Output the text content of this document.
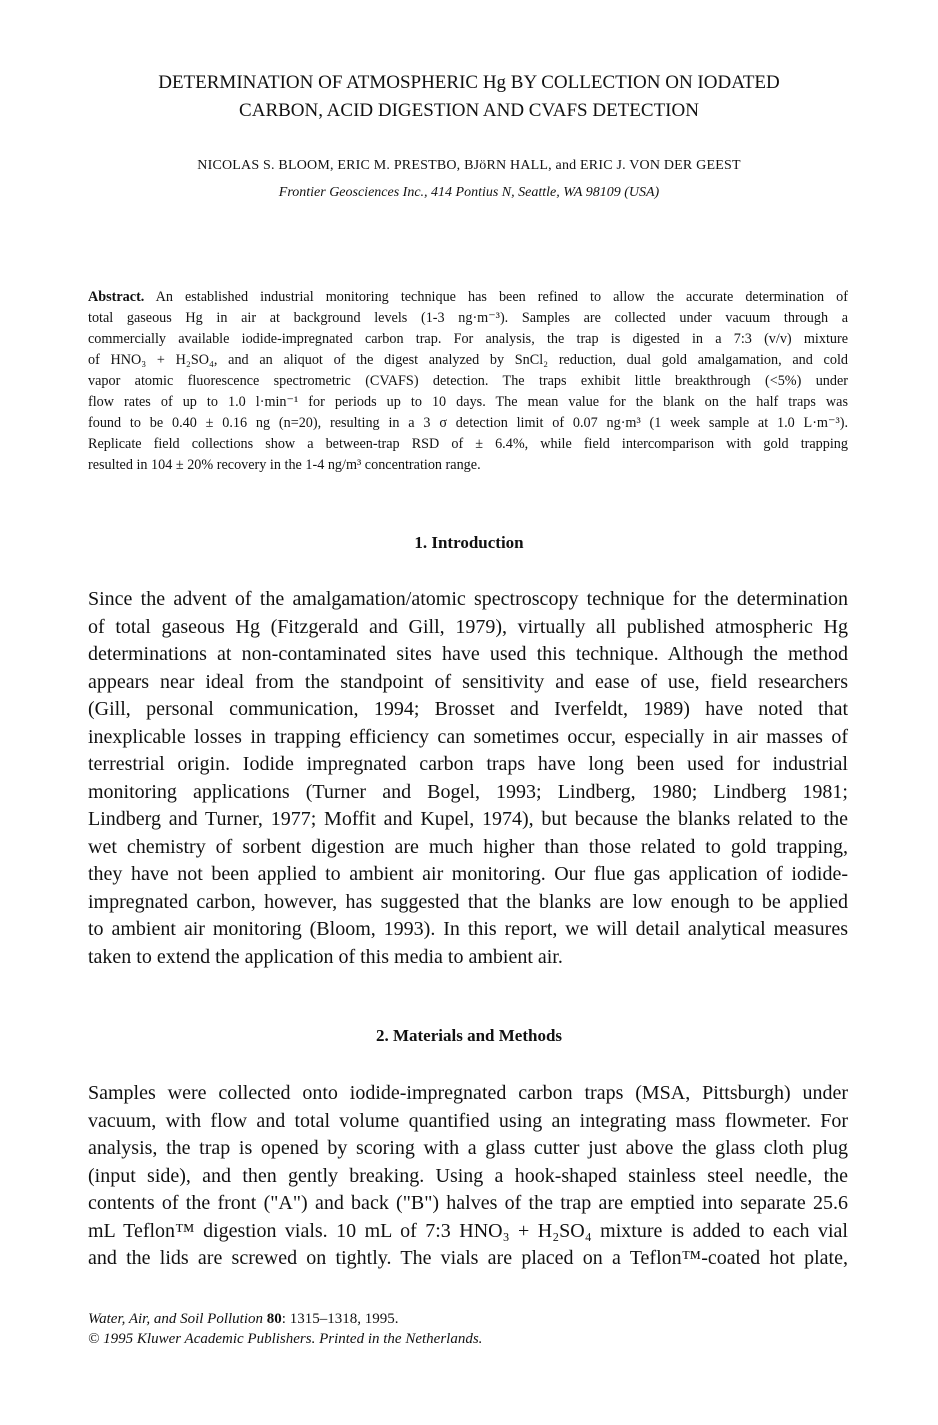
DETERMINATION OF ATMOSPHERIC Hg BY COLLECTION ON IODATED
CARBON, ACID DIGESTION AND CVAFS DETECTION
NICOLAS S. BLOOM, ERIC M. PRESTBO, BJöRN HALL, and ERIC J. VON DER GEEST
Frontier Geosciences Inc., 414 Pontius N, Seattle, WA 98109 (USA)
Abstract. An established industrial monitoring technique has been refined to allow the accurate determination of
total gaseous Hg in air at background levels (1-3 ng·m⁻³). Samples are collected under vacuum through a
commercially available iodide-impregnated carbon trap. For analysis, the trap is digested in a 7:3 (v/v) mixture
of HNO₃ + H₂SO₄, and an aliquot of the digest analyzed by SnCl₂ reduction, dual gold amalgamation, and cold
vapor atomic fluorescence spectrometric (CVAFS) detection. The traps exhibit little breakthrough (<5%) under
flow rates of up to 1.0 l·min⁻¹ for periods up to 10 days. The mean value for the blank on the half traps was
found to be 0.40 ± 0.16 ng (n=20), resulting in a 3 σ detection limit of 0.07 ng·m³ (1 week sample at 1.0 L·m⁻³).
Replicate field collections show a between-trap RSD of ± 6.4%, while field intercomparison with gold trapping
resulted in 104 ± 20% recovery in the 1-4 ng/m³ concentration range.
1. Introduction
Since the advent of the amalgamation/atomic spectroscopy technique for the determination
of total gaseous Hg (Fitzgerald and Gill, 1979), virtually all published atmospheric Hg
determinations at non-contaminated sites have used this technique. Although the method
appears near ideal from the standpoint of sensitivity and ease of use, field researchers
(Gill, personal communication, 1994; Brosset and Iverfeldt, 1989) have noted that
inexplicable losses in trapping efficiency can sometimes occur, especially in air masses of
terrestrial origin. Iodide impregnated carbon traps have long been used for industrial
monitoring applications (Turner and Bogel, 1993; Lindberg, 1980; Lindberg 1981;
Lindberg and Turner, 1977; Moffit and Kupel, 1974), but because the blanks related to the
wet chemistry of sorbent digestion are much higher than those related to gold trapping,
they have not been applied to ambient air monitoring. Our flue gas application of iodide-
impregnated carbon, however, has suggested that the blanks are low enough to be applied
to ambient air monitoring (Bloom, 1993). In this report, we will detail analytical measures
taken to extend the application of this media to ambient air.
2. Materials and Methods
Samples were collected onto iodide-impregnated carbon traps (MSA, Pittsburgh) under
vacuum, with flow and total volume quantified using an integrating mass flowmeter. For
analysis, the trap is opened by scoring with a glass cutter just above the glass cloth plug
(input side), and then gently breaking. Using a hook-shaped stainless steel needle, the
contents of the front ("A") and back ("B") halves of the trap are emptied into separate 25.6
mL Teflon™ digestion vials. 10 mL of 7:3 HNO₃ + H₂SO₄ mixture is added to each vial
and the lids are screwed on tightly. The vials are placed on a Teflon™-coated hot plate,
Water, Air, and Soil Pollution 80: 1315–1318, 1995.
© 1995 Kluwer Academic Publishers. Printed in the Netherlands.
